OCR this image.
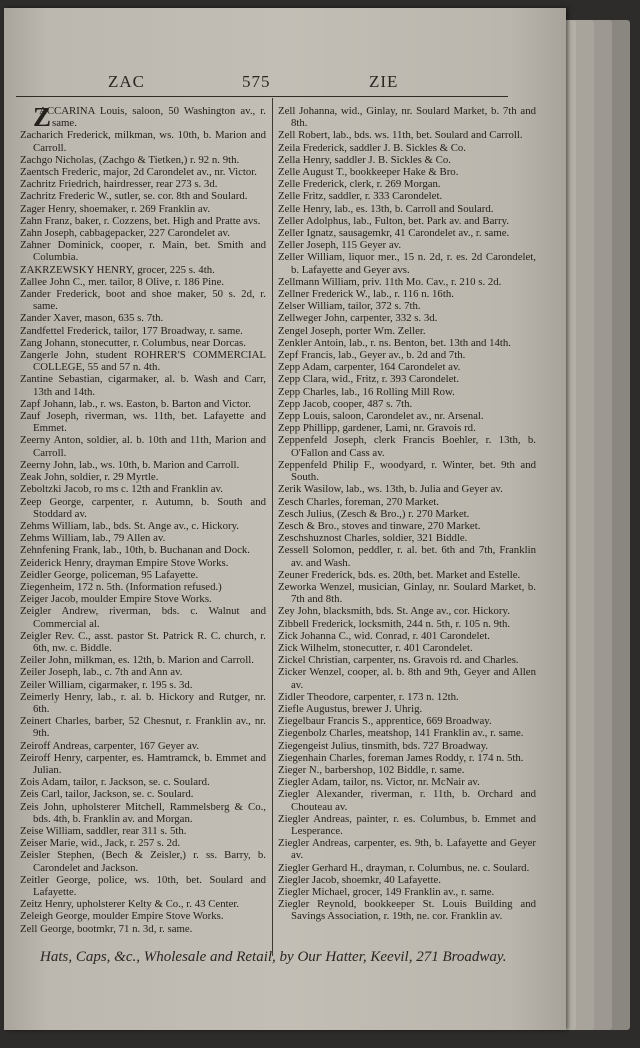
ZAC	575	ZIE

ZACCARINA Louis, saloon, 50 Washington av., r. same.

Zacharich Frederick, milkman, ws. 10th, b. Marion and Carroll.

Zachgo Nicholas, (Zachgo & Tietken,) r. 92 n. 9th.

Zaentsch Frederic, major, 2d Carondelet av., nr. Victor.

Zachritz Friedrich, hairdresser, rear 273 s. 3d.

Zachritz Frederic W., sutler, se. cor. 8th and Soulard.

Zager Henry, shoemaker, r. 269 Franklin av.

Zahn Franz, baker, r. Cozzens, bet. High and Pratte avs.

Zahn Joseph, cabbagepacker, 227 Carondelet av.

Zahner Dominick, cooper, r. Main, bet. Smith and Columbia.

ZAKRZEWSKY HENRY, grocer, 225 s. 4th.

Zallee John C., mer. tailor, 8 Olive, r. 186 Pine.

Zander Frederick, boot and shoe maker, 50 s. 2d, r. same.

Zander Xaver, mason, 635 s. 7th.

Zandfettel Frederick, tailor, 177 Broadway, r. same.

Zang Johann, stonecutter, r. Columbus, near Dorcas.

Zangerle John, student ROHRER'S COMMERCIAL COLLEGE, 55 and 57 n. 4th.

Zantine Sebastian, cigarmaker, al. b. Wash and Carr, 13th and 14th.

Zapf Johann, lab., r. ws. Easton, b. Barton and Victor.

Zauf Joseph, riverman, ws. 11th, bet. Lafayette and Emmet.

Zeerny Anton, soldier, al. b. 10th and 11th, Marion and Carroll.

Zeerny John, lab., ws. 10th, b. Marion and Carroll.

Zeak John, soldier, r. 29 Myrtle.

Zeboltzki Jacob, ro ms c. 12th and Franklin av.

Zeep George, carpenter, r. Autumn, b. South and Stoddard av.

Zehms William, lab., bds. St. Ange av., c. Hickory.

Zehms William, lab., 79 Allen av.

Zehnfening Frank, lab., 10th, b. Buchanan and Dock.

Zeiderick Henry, drayman Empire Stove Works.

Zeidler George, policeman, 95 Lafayette.

Ziegenheim, 172 n. 5th. (Information refused.)

Zeiger Jacob, moulder Empire Stove Works.

Zeigler Andrew, riverman, bds. c. Walnut and Commercial al.

Zeigler Rev. C., asst. pastor St. Patrick R. C. church, r. 6th, nw. c. Biddle.

Zeiler John, milkman, es. 12th, b. Marion and Carroll.

Zeiler Joseph, lab., c. 7th and Ann av.

Zeiler William, cigarmaker, r. 195 s. 3d.

Zeimerly Henry, lab., r. al. b. Hickory and Rutger, nr. 6th.

Zeinert Charles, barber, 52 Chesnut, r. Franklin av., nr. 9th.

Zeiroff Andreas, carpenter, 167 Geyer av.

Zeiroff Henry, carpenter, es. Hamtramck, b. Emmet and Julian.

Zois Adam, tailor, r. Jackson, se. c. Soulard.

Zeis Carl, tailor, Jackson, se. c. Soulard.

Zeis John, upholsterer Mitchell, Rammelsberg & Co., bds. 4th, b. Franklin av. and Morgan.

Zeise William, saddler, rear 311 s. 5th.

Zeiser Marie, wid., Jack, r. 257 s. 2d.

Zeisler Stephen, (Bech & Zeisler,) r. ss. Barry, b. Carondelet and Jackson.

Zeitler George, police, ws. 10th, bet. Soulard and Lafayette.

Zeitz Henry, upholsterer Kelty & Co., r. 43 Center.

Zeleigh George, moulder Empire Stove Works.

Zell George, bootmkr, 71 n. 3d, r. same.

Zell Johanna, wid., Ginlay, nr. Soulard Market, b. 7th and 8th.

Zell Robert, lab., bds. ws. 11th, bet. Soulard and Carroll.

Zeila Frederick, saddler J. B. Sickles & Co.

Zella Henry, saddler J. B. Sickles & Co.

Zelle August T., bookkeeper Hake & Bro.

Zelle Frederick, clerk, r. 269 Morgan.

Zelle Fritz, saddler, r. 333 Carondelet.

Zelle Henry, lab., es. 13th, b. Carroll and Soulard.

Zeller Adolphus, lab., Fulton, bet. Park av. and Barry.

Zeller Ignatz, sausagemkr, 41 Carondelet av., r. same.

Zeller Joseph, 115 Geyer av.

Zeller William, liquor mer., 15 n. 2d, r. es. 2d Carondelet, b. Lafayette and Geyer avs.

Zellmann William, priv. 11th Mo. Cav., r. 210 s. 2d.

Zellner Frederick W., lab., r. 116 n. 16th.

Zelser William, tailor, 372 s. 7th.

Zellweger John, carpenter, 332 s. 3d.

Zengel Joseph, porter Wm. Zeller.

Zenkler Antoin, lab., r. ns. Benton, bet. 13th and 14th.

Zepf Francis, lab., Geyer av., b. 2d and 7th.

Zepp Adam, carpenter, 164 Carondelet av.

Zepp Clara, wid., Fritz, r. 393 Carondelet.

Zepp Charles, lab., 16 Rolling Mill Row.

Zepp Jacob, cooper, 487 s. 7th.

Zepp Louis, saloon, Carondelet av., nr. Arsenal.

Zepp Phillipp, gardener, Lami, nr. Gravois rd.

Zeppenfeld Joseph, clerk Francis Boehler, r. 13th, b. O'Fallon and Cass av.

Zeppenfeld Philip F., woodyard, r. Winter, bet. 9th and South.

Zerik Wasilow, lab., ws. 13th, b. Julia and Geyer av.

Zesch Charles, foreman, 270 Market.

Zesch Julius, (Zesch & Bro.,) r. 270 Market.

Zesch & Bro., stoves and tinware, 270 Market.

Zeschshuznost Charles, soldier, 321 Biddle.

Zessell Solomon, peddler, r. al. bet. 6th and 7th, Franklin av. and Wash.

Zeuner Frederick, bds. es. 20th, bet. Market and Estelle.

Zeworka Wenzel, musician, Ginlay, nr. Soulard Market, b. 7th and 8th.

Zey John, blacksmith, bds. St. Ange av., cor. Hickory.

Zibbell Frederick, locksmith, 244 n. 5th, r. 105 n. 9th.

Zick Johanna C., wid. Conrad, r. 401 Carondelet.

Zick Wilhelm, stonecutter, r. 401 Carondelet.

Zickel Christian, carpenter, ns. Gravois rd. and Charles.

Zicker Wenzel, cooper, al. b. 8th and 9th, Geyer and Allen av.

Zidler Theodore, carpenter, r. 173 n. 12th.

Ziefle Augustus, brewer J. Uhrig.

Ziegelbaur Francis S., apprentice, 669 Broadway.

Ziegenbolz Charles, meatshop, 141 Franklin av., r. same.

Ziegengeist Julius, tinsmith, bds. 727 Broadway.

Ziegenhain Charles, foreman James Roddy, r. 174 n. 5th.

Zieger N., barbershop, 102 Biddle, r. same.

Ziegler Adam, tailor, ns. Victor, nr. McNair av.

Ziegler Alexander, riverman, r. 11th, b. Orchard and Chouteau av.

Ziegler Andreas, painter, r. es. Columbus, b. Emmet and Lesperance.

Ziegler Andreas, carpenter, es. 9th, b. Lafayette and Geyer av.

Ziegler Gerhard H., drayman, r. Columbus, ne. c. Soulard.

Ziegler Jacob, shoemkr, 40 Lafayette.

Ziegler Michael, grocer, 149 Franklin av., r. same.

Ziegler Reynold, bookkeeper St. Louis Building and Savings Association, r. 19th, ne. cor. Franklin av.

Hats, Caps, &c., Wholesale and Retail, by Our Hatter, Keevil, 271 Broadway.
